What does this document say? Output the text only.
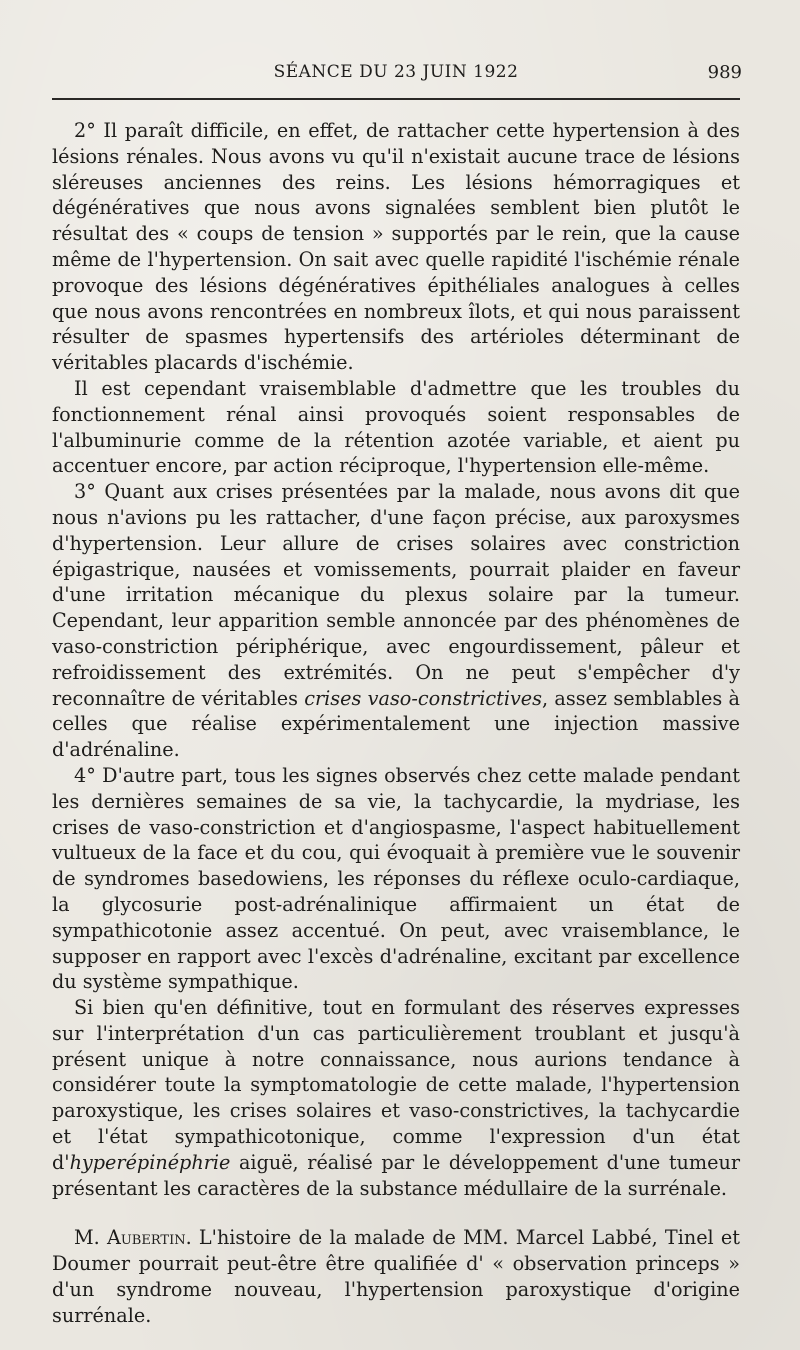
SÉANCE DU 23 JUIN 1922	989

2° Il paraît difficile, en effet, de rattacher cette hypertension à des lésions rénales. Nous avons vu qu'il n'existait aucune trace de lésions sléreuses anciennes des reins. Les lésions hémorragiques et dégénératives que nous avons signalées semblent bien plutôt le résultat des « coups de tension » supportés par le rein, que la cause même de l'hypertension. On sait avec quelle rapidité l'ischémie rénale provoque des lésions dégénératives épithéliales analogues à celles que nous avons rencontrées en nombreux îlots, et qui nous paraissent résulter de spasmes hypertensifs des artérioles déterminant de véritables placards d'ischémie.

Il est cependant vraisemblable d'admettre que les troubles du fonctionnement rénal ainsi provoqués soient responsables de l'albuminurie comme de la rétention azotée variable, et aient pu accentuer encore, par action réciproque, l'hypertension elle-même.

3° Quant aux crises présentées par la malade, nous avons dit que nous n'avions pu les rattacher, d'une façon précise, aux paroxysmes d'hypertension. Leur allure de crises solaires avec constriction épigastrique, nausées et vomissements, pourrait plaider en faveur d'une irritation mécanique du plexus solaire par la tumeur. Cependant, leur apparition semble annoncée par des phénomènes de vaso-constriction périphérique, avec engourdissement, pâleur et refroidissement des extrémités. On ne peut s'empêcher d'y reconnaître de véritables crises vaso-constrictives, assez semblables à celles que réalise expérimentalement une injection massive d'adrénaline.

4° D'autre part, tous les signes observés chez cette malade pendant les dernières semaines de sa vie, la tachycardie, la mydriase, les crises de vaso-constriction et d'angiospasme, l'aspect habituellement vultueux de la face et du cou, qui évoquait à première vue le souvenir de syndromes basedowiens, les réponses du réflexe oculo-cardiaque, la glycosurie post-adrénalinique affirmaient un état de sympathicotonie assez accentué. On peut, avec vraisemblance, le supposer en rapport avec l'excès d'adrénaline, excitant par excellence du système sympathique.

Si bien qu'en définitive, tout en formulant des réserves expresses sur l'interprétation d'un cas particulièrement troublant et jusqu'à présent unique à notre connaissance, nous aurions tendance à considérer toute la symptomatologie de cette malade, l'hypertension paroxystique, les crises solaires et vaso-constrictives, la tachycardie et l'état sympathicotonique, comme l'expression d'un état d'hyperépinéphrie aiguë, réalisé par le développement d'une tumeur présentant les caractères de la substance médullaire de la surrénale.

M. Aubertin. L'histoire de la malade de MM. Marcel Labbé, Tinel et Doumer pourrait peut-être être qualifiée d' « observation princeps » d'un syndrome nouveau, l'hypertension paroxystique d'origine surrénale.
